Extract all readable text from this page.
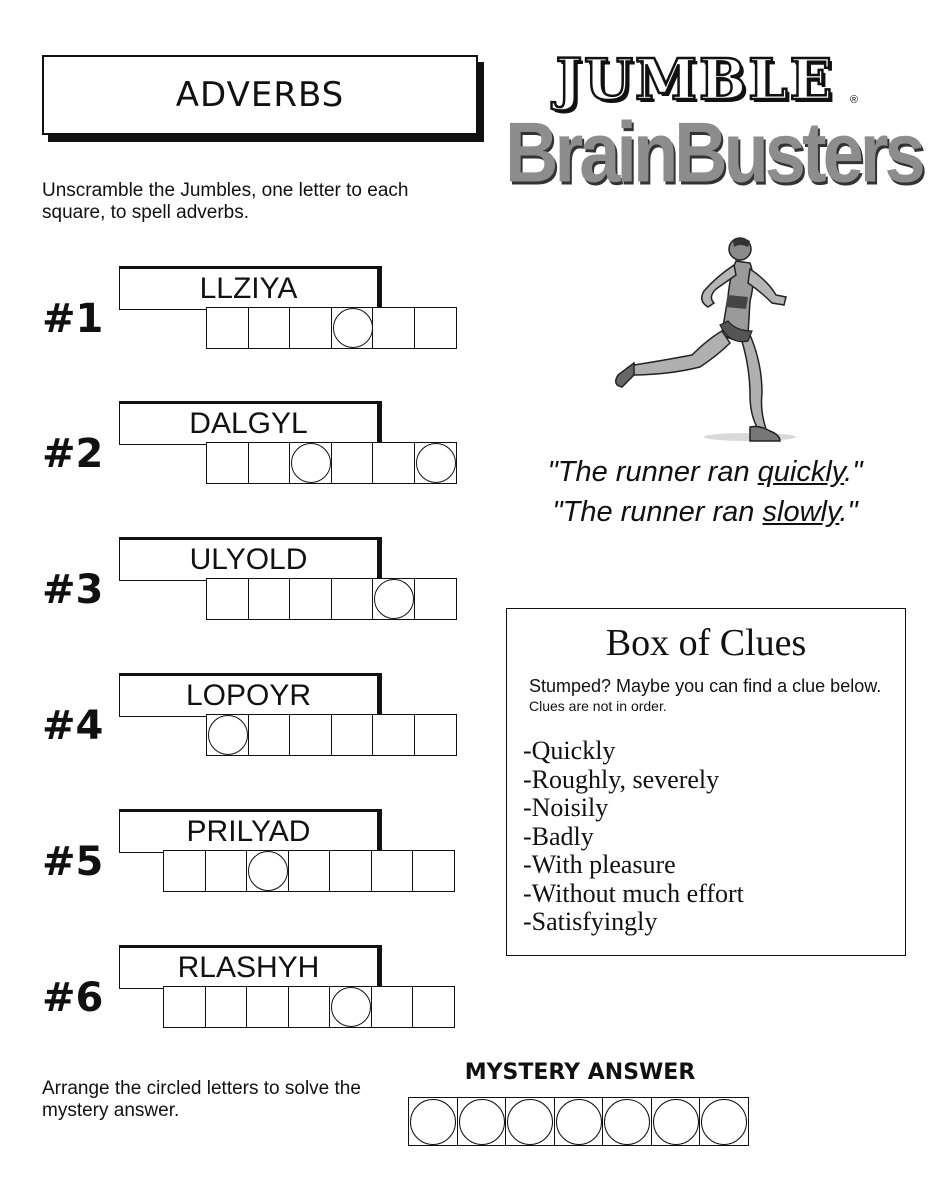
ADVERBS	JUMBLE	®
BrainBusters
Unscramble the Jumbles, one letter to each square, to spell adverbs.
#1
LLZIYA
#2
DALGYL
#3
ULYOLD
#4
LOPOYR
#5
PRILYAD
#6
RLASHYH
"The runner ran quickly."
"The runner ran slowly."
Box of Clues
Stumped? Maybe you can find a clue below. Clues are not in order.
-Quickly
-Roughly, severely
-Noisily
-Badly
-With pleasure
-Without much effort
-Satisfyingly
Arrange the circled letters to solve the mystery answer.
MYSTERY ANSWER
